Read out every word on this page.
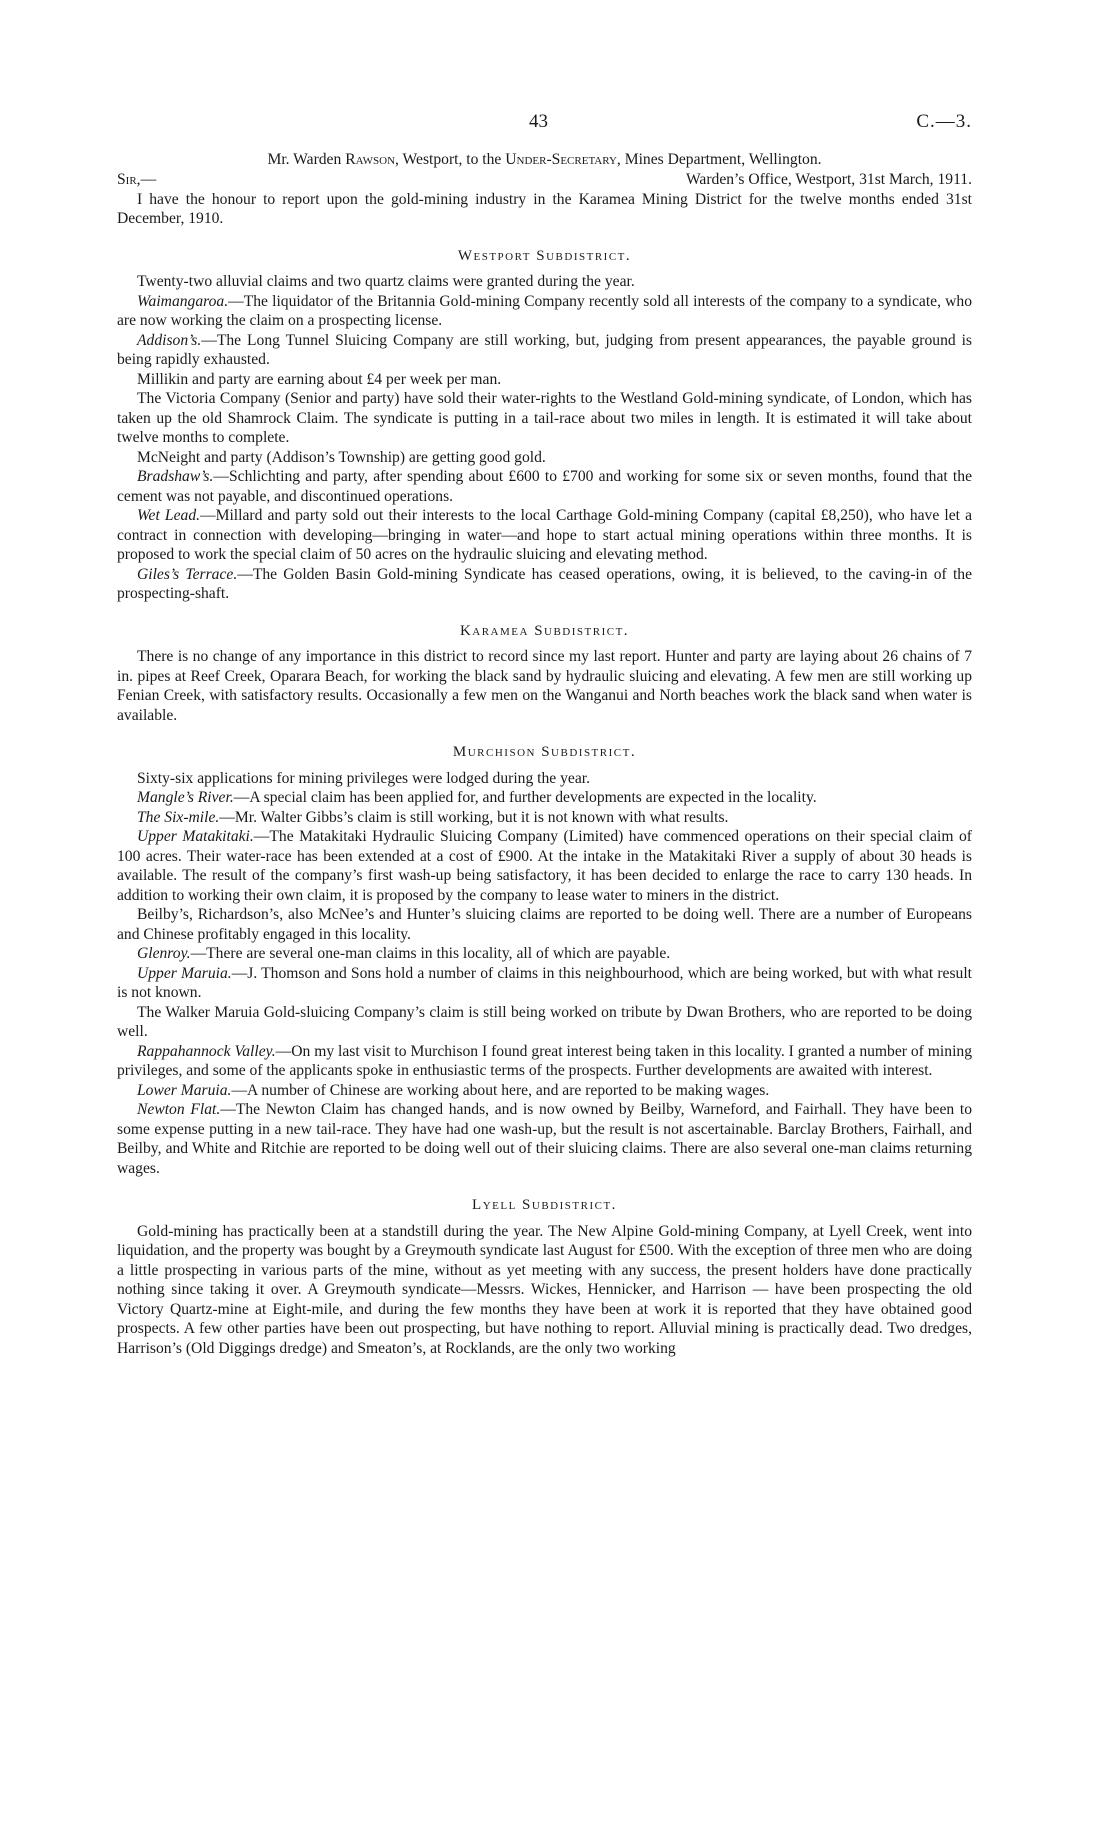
43	C.—3.
Mr. Warden Rawson, Westport, to the Under-Secretary, Mines Department, Wellington.
Sir,—	Warden’s Office, Westport, 31st March, 1911.

I have the honour to report upon the gold-mining industry in the Karamea Mining District for the twelve months ended 31st December, 1910.

Westport Subdistrict.

Twenty-two alluvial claims and two quartz claims were granted during the year.

Waimangaroa.—The liquidator of the Britannia Gold-mining Company recently sold all interests of the company to a syndicate, who are now working the claim on a prospecting license.

Addison’s.—The Long Tunnel Sluicing Company are still working, but, judging from present appearances, the payable ground is being rapidly exhausted.

Millikin and party are earning about £4 per week per man.

The Victoria Company (Senior and party) have sold their water-rights to the Westland Gold-mining syndicate, of London, which has taken up the old Shamrock Claim. The syndicate is putting in a tail-race about two miles in length. It is estimated it will take about twelve months to complete.

McNeight and party (Addison’s Township) are getting good gold.

Bradshaw’s.—Schlichting and party, after spending about £600 to £700 and working for some six or seven months, found that the cement was not payable, and discontinued operations.

Wet Lead.—Millard and party sold out their interests to the local Carthage Gold-mining Company (capital £8,250), who have let a contract in connection with developing—bringing in water—and hope to start actual mining operations within three months. It is proposed to work the special claim of 50 acres on the hydraulic sluicing and elevating method.

Giles’s Terrace.—The Golden Basin Gold-mining Syndicate has ceased operations, owing, it is believed, to the caving-in of the prospecting-shaft.

Karamea Subdistrict.

There is no change of any importance in this district to record since my last report. Hunter and party are laying about 26 chains of 7 in. pipes at Reef Creek, Oparara Beach, for working the black sand by hydraulic sluicing and elevating. A few men are still working up Fenian Creek, with satisfactory results. Occasionally a few men on the Wanganui and North beaches work the black sand when water is available.

Murchison Subdistrict.

Sixty-six applications for mining privileges were lodged during the year.

Mangle’s River.—A special claim has been applied for, and further developments are expected in the locality.

The Six-mile.—Mr. Walter Gibbs’s claim is still working, but it is not known with what results.

Upper Matakitaki.—The Matakitaki Hydraulic Sluicing Company (Limited) have commenced operations on their special claim of 100 acres. Their water-race has been extended at a cost of £900. At the intake in the Matakitaki River a supply of about 30 heads is available. The result of the company’s first wash-up being satisfactory, it has been decided to enlarge the race to carry 130 heads. In addition to working their own claim, it is proposed by the company to lease water to miners in the district.

Beilby’s, Richardson’s, also McNee’s and Hunter’s sluicing claims are reported to be doing well. There are a number of Europeans and Chinese profitably engaged in this locality.

Glenroy.—There are several one-man claims in this locality, all of which are payable.

Upper Maruia.—J. Thomson and Sons hold a number of claims in this neighbourhood, which are being worked, but with what result is not known.

The Walker Maruia Gold-sluicing Company’s claim is still being worked on tribute by Dwan Brothers, who are reported to be doing well.

Rappahannock Valley.—On my last visit to Murchison I found great interest being taken in this locality. I granted a number of mining privileges, and some of the applicants spoke in enthusiastic terms of the prospects. Further developments are awaited with interest.

Lower Maruia.—A number of Chinese are working about here, and are reported to be making wages.

Newton Flat.—The Newton Claim has changed hands, and is now owned by Beilby, Warneford, and Fairhall. They have been to some expense putting in a new tail-race. They have had one wash-up, but the result is not ascertainable. Barclay Brothers, Fairhall, and Beilby, and White and Ritchie are reported to be doing well out of their sluicing claims. There are also several one-man claims returning wages.

Lyell Subdistrict.

Gold-mining has practically been at a standstill during the year. The New Alpine Gold-mining Company, at Lyell Creek, went into liquidation, and the property was bought by a Greymouth syndicate last August for £500. With the exception of three men who are doing a little prospecting in various parts of the mine, without as yet meeting with any success, the present holders have done practically nothing since taking it over. A Greymouth syndicate—Messrs. Wickes, Hennicker, and Harrison — have been prospecting the old Victory Quartz-mine at Eight-mile, and during the few months they have been at work it is reported that they have obtained good prospects. A few other parties have been out prospecting, but have nothing to report. Alluvial mining is practically dead. Two dredges, Harrison’s (Old Diggings dredge) and Smeaton’s, at Rocklands, are the only two working
